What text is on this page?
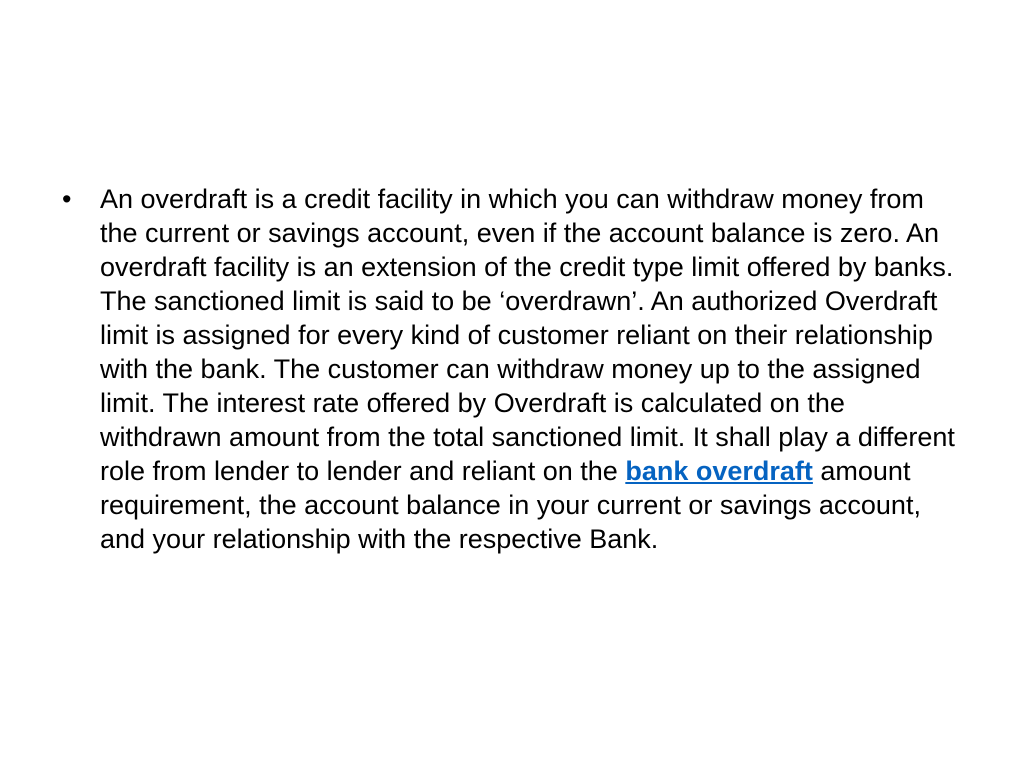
•	An overdraft is a credit facility in which you can withdraw money from the current or savings account, even if the account balance is zero. An overdraft facility is an extension of the credit type limit offered by banks. The sanctioned limit is said to be ‘overdrawn’. An authorized Overdraft limit is assigned for every kind of customer reliant on their relationship with the bank. The customer can withdraw money up to the assigned limit. The interest rate offered by Overdraft is calculated on the withdrawn amount from the total sanctioned limit. It shall play a different role from lender to lender and reliant on the bank overdraft amount requirement, the account balance in your current or savings account, and your relationship with the respective Bank.
